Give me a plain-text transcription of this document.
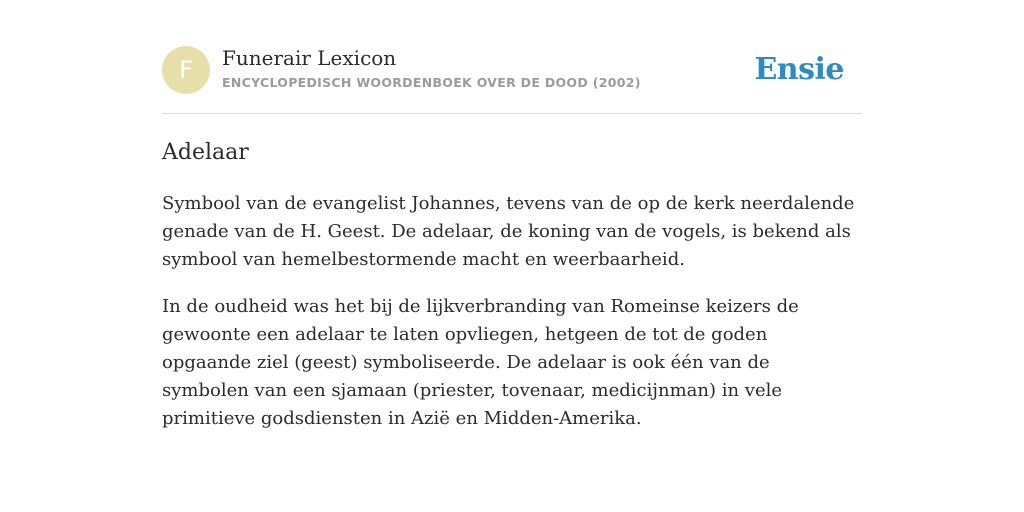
F	Funerair Lexicon
ENCYCLOPEDISCH WOORDENBOEK OVER DE DOOD (2002)	Ensie
Adelaar

Symbool van de evangelist Johannes, tevens van de op de kerk neerdalende genade van de H. Geest. De adelaar, de koning van de vogels, is bekend als symbool van hemelbestormende macht en weerbaarheid.

In de oudheid was het bij de lijkverbranding van Romeinse keizers de gewoonte een adelaar te laten opvliegen, hetgeen de tot de goden opgaande ziel (geest) symboliseerde. De adelaar is ook één van de symbolen van een sjamaan (priester, tovenaar, medicijnman) in vele primitieve godsdiensten in Azië en Midden-Amerika.
